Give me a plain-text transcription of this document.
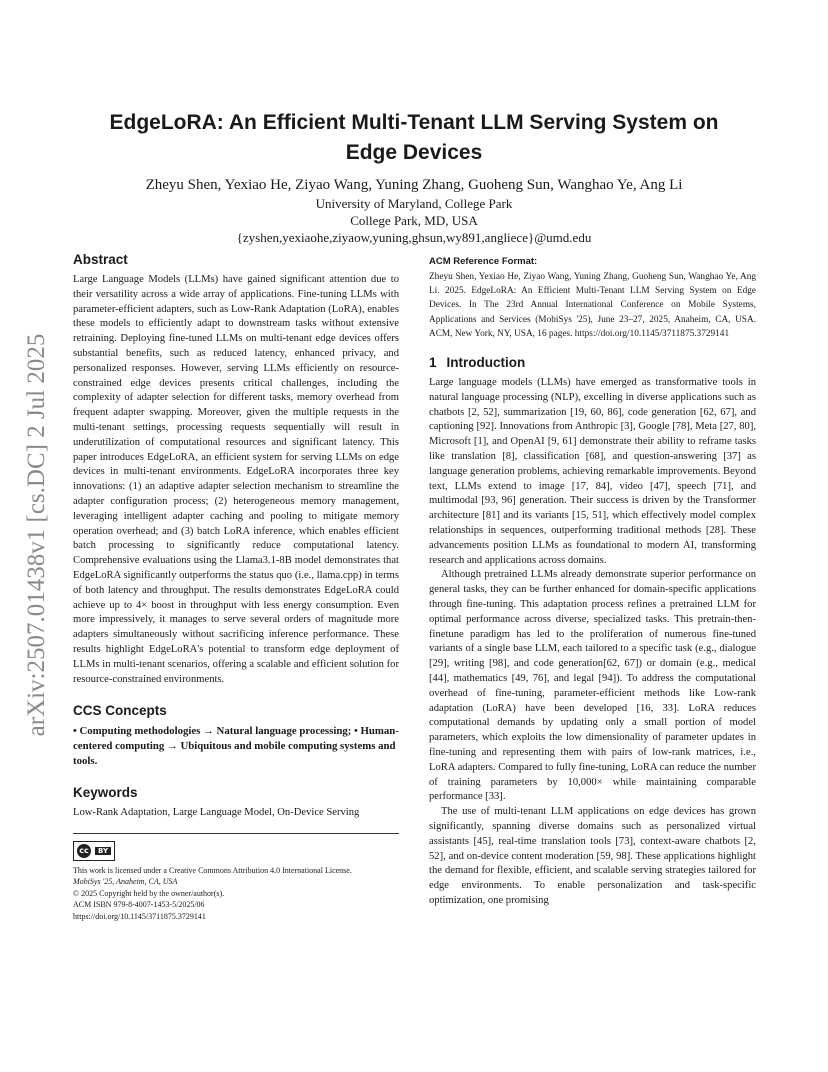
arXiv:2507.01438v1 [cs.DC] 2 Jul 2025
EdgeLoRA: An Efficient Multi-Tenant LLM Serving System on
Edge Devices
Zheyu Shen, Yexiao He, Ziyao Wang, Yuning Zhang, Guoheng Sun, Wanghao Ye, Ang Li
University of Maryland, College Park
College Park, MD, USA
{zyshen,yexiaohe,ziyaow,yuning,ghsun,wy891,angliece}@umd.edu
Abstract

Large Language Models (LLMs) have gained significant attention due to their versatility across a wide array of applications. Fine-tuning LLMs with parameter-efficient adapters, such as Low-Rank Adaptation (LoRA), enables these models to efficiently adapt to downstream tasks without extensive retraining. Deploying fine-tuned LLMs on multi-tenant edge devices offers substantial benefits, such as reduced latency, enhanced privacy, and personalized responses. However, serving LLMs efficiently on resource-constrained edge devices presents critical challenges, including the complexity of adapter selection for different tasks, memory overhead from frequent adapter swapping. Moreover, given the multiple requests in the multi-tenant settings, processing requests sequentially will result in underutilization of computational resources and significant latency. This paper introduces EdgeLoRA, an efficient system for serving LLMs on edge devices in multi-tenant environments. EdgeLoRA incorporates three key innovations: (1) an adaptive adapter selection mechanism to streamline the adapter configuration process; (2) heterogeneous memory management, leveraging intelligent adapter caching and pooling to mitigate memory operation overhead; and (3) batch LoRA inference, which enables efficient batch processing to significantly reduce computational latency. Comprehensive evaluations using the Llama3.1-8B model demonstrates that EdgeLoRA significantly outperforms the status quo (i.e., llama.cpp) in terms of both latency and throughput. The results demonstrates EdgeLoRA could achieve up to 4× boost in throughput with less energy consumption. Even more impressively, it manages to serve several orders of magnitude more adapters simultaneously without sacrificing inference performance. These results highlight EdgeLoRA's potential to transform edge deployment of LLMs in multi-tenant scenarios, offering a scalable and efficient solution for resource-constrained environments.

CCS Concepts

• Computing methodologies → Natural language processing; • Human-centered computing → Ubiquitous and mobile computing systems and tools.

Keywords

Low-Rank Adaptation, Large Language Model, On-Device Serving

cc	BY

This work is licensed under a Creative Commons Attribution 4.0 International License.

MobiSys '25, Anaheim, CA, USA

© 2025 Copyright held by the owner/author(s).

ACM ISBN 979-8-4007-1453-5/2025/06

https://doi.org/10.1145/3711875.3729141

ACM Reference Format:

Zheyu Shen, Yexiao He, Ziyao Wang, Yuning Zhang, Guoheng Sun, Wanghao Ye, Ang Li. 2025. EdgeLoRA: An Efficient Multi-Tenant LLM Serving System on Edge Devices. In The 23rd Annual International Conference on Mobile Systems, Applications and Services (MobiSys '25), June 23–27, 2025, Anaheim, CA, USA. ACM, New York, NY, USA, 16 pages. https://doi.org/10.1145/3711875.3729141

1 Introduction

Large language models (LLMs) have emerged as transformative tools in natural language processing (NLP), excelling in diverse applications such as chatbots [2, 52], summarization [19, 60, 86], code generation [62, 67], and captioning [92]. Innovations from Anthropic [3], Google [78], Meta [27, 80], Microsoft [1], and OpenAI [9, 61] demonstrate their ability to reframe tasks like translation [8], classification [68], and question-answering [37] as language generation problems, achieving remarkable improvements. Beyond text, LLMs extend to image [17, 84], video [47], speech [71], and multimodal [93, 96] generation. Their success is driven by the Transformer architecture [81] and its variants [15, 51], which effectively model complex relationships in sequences, outperforming traditional methods [28]. These advancements position LLMs as foundational to modern AI, transforming research and applications across domains.

Although pretrained LLMs already demonstrate superior performance on general tasks, they can be further enhanced for domain-specific applications through fine-tuning. This adaptation process refines a pretrained LLM for optimal performance across diverse, specialized tasks. This pretrain-then-finetune paradigm has led to the proliferation of numerous fine-tuned variants of a single base LLM, each tailored to a specific task (e.g., dialogue [29], writing [98], and code generation[62, 67]) or domain (e.g., medical [44], mathematics [49, 76], and legal [94]). To address the computational overhead of fine-tuning, parameter-efficient methods like Low-rank adaptation (LoRA) have been developed [16, 33]. LoRA reduces computational demands by updating only a small portion of model parameters, which exploits the low dimensionality of parameter updates in fine-tuning and representing them with pairs of low-rank matrices, i.e., LoRA adapters. Compared to fully fine-tuning, LoRA can reduce the number of training parameters by 10,000× while maintaining comparable performance [33].

The use of multi-tenant LLM applications on edge devices has grown significantly, spanning diverse domains such as personalized virtual assistants [45], real-time translation tools [73], context-aware chatbots [2, 52], and on-device content moderation [59, 98]. These applications highlight the demand for flexible, efficient, and scalable serving strategies tailored for edge environments. To enable personalization and task-specific optimization, one promising
